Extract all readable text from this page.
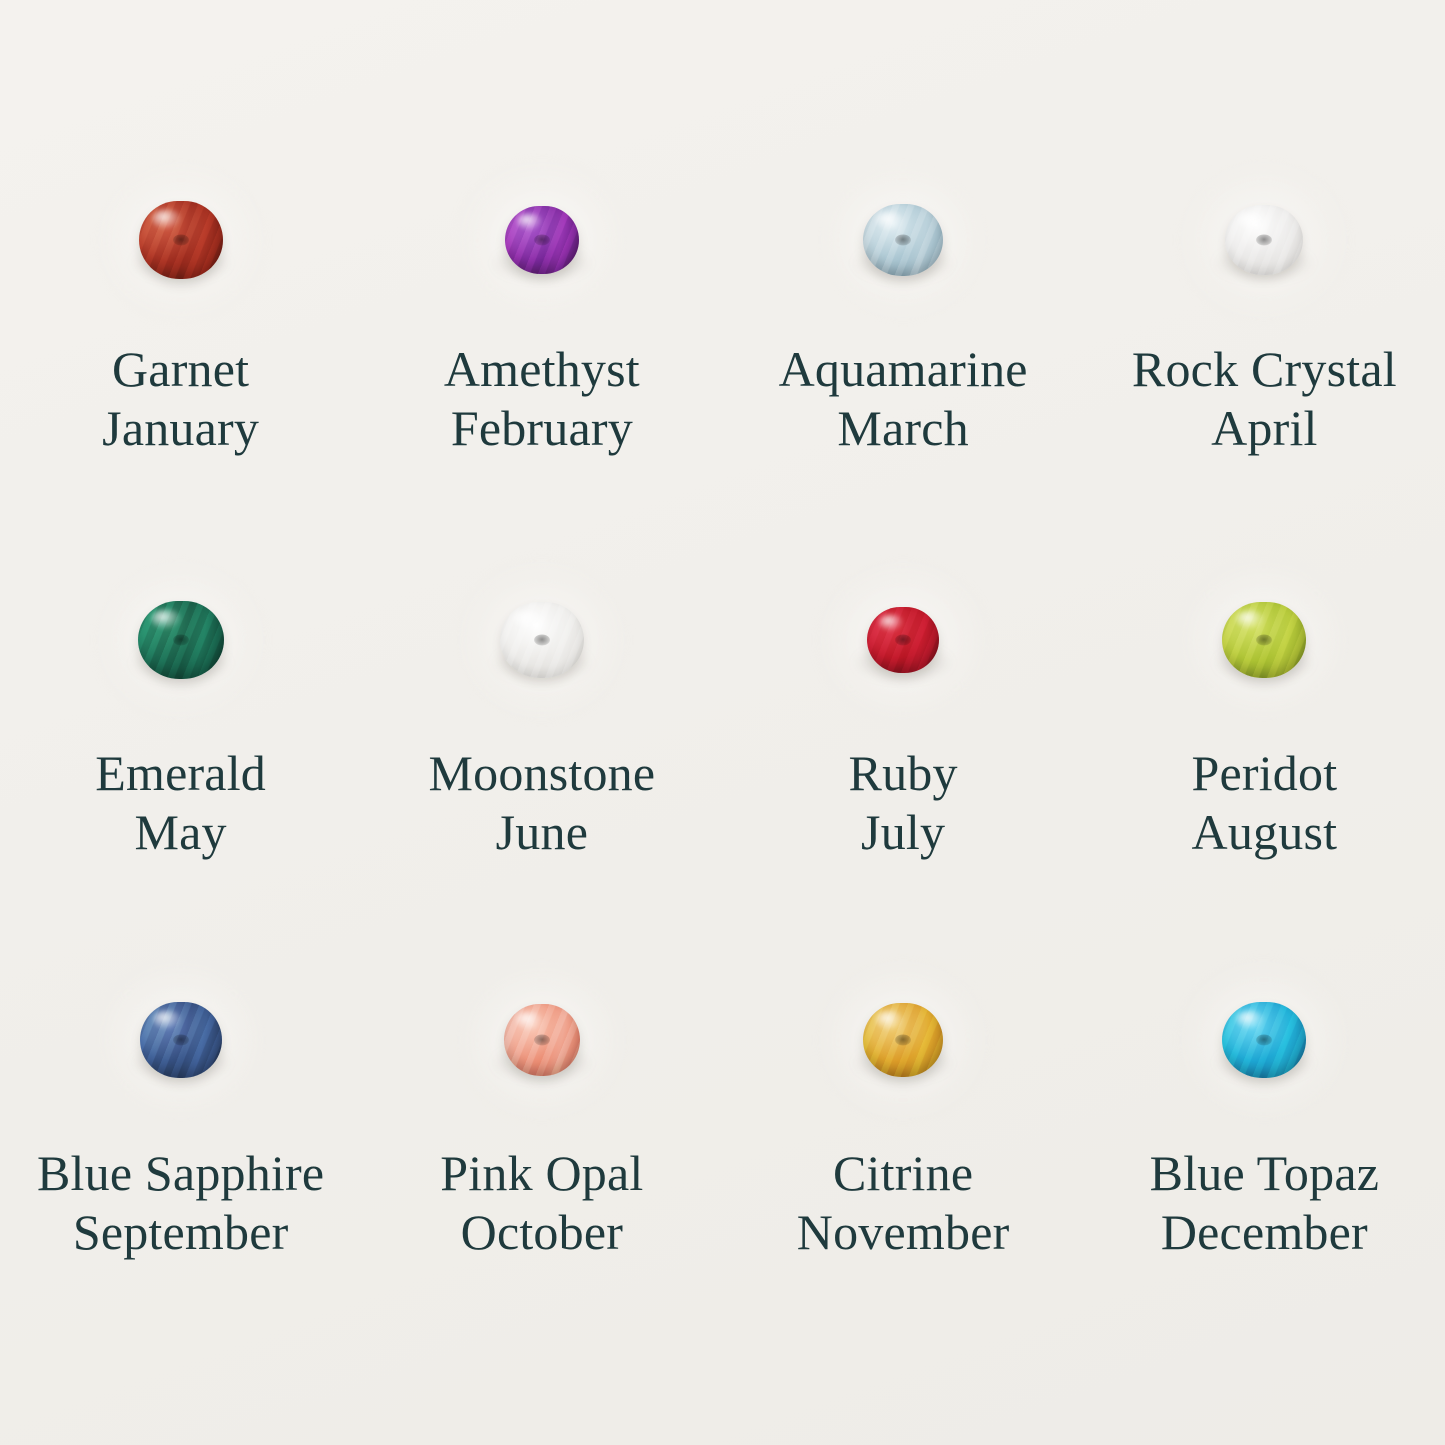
Garnet
January
Amethyst
February
Aquamarine
March
Rock Crystal
April
Emerald
May
Moonstone
June
Ruby
July
Peridot
August
Blue Sapphire
September
Pink Opal
October
Citrine
November
Blue Topaz
December
